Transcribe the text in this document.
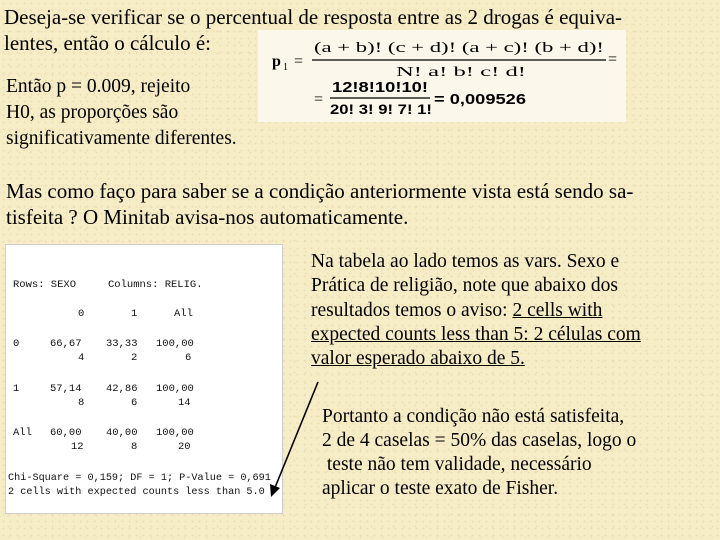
Deseja-se verificar se o percentual de resposta entre as 2 drogas é equiva-
lentes, então o cálculo é:
p 1 =
(a + b)! (c + d)! (a + c)! (b + d)!
N! a! b! c! d!
=
=
12!8!10!10!
20! 3! 9! 7! 1!
= 0,009526
Então p = 0.009, rejeito
H0, as proporções são
significativamente diferentes.
Mas como faço para saber se a condição anteriormente vista está sendo sa-
tisfeita ? O Minitab avisa-nos automaticamente.
Rows: SEXO	Columns: RELIG.
0	1	All
0	66,67 33,33 100,00
4	2	6
1	57,14 42,86 100,00
8	6	14
All 60,00 40,00 100,00
12	8	20
Chi-Square = 0,159; DF = 1; P-Value = 0,691
2 cells with expected counts less than 5.0
Na tabela ao lado temos as vars. Sexo e
Prática de religião, note que abaixo dos
resultados temos o aviso: 2 cells with
expected counts less than 5: 2 células com
valor esperado abaixo de 5.
Portanto a condição não está satisfeita,
2 de 4 caselas = 50% das caselas, logo o
teste não tem validade, necessário
aplicar o teste exato de Fisher.
